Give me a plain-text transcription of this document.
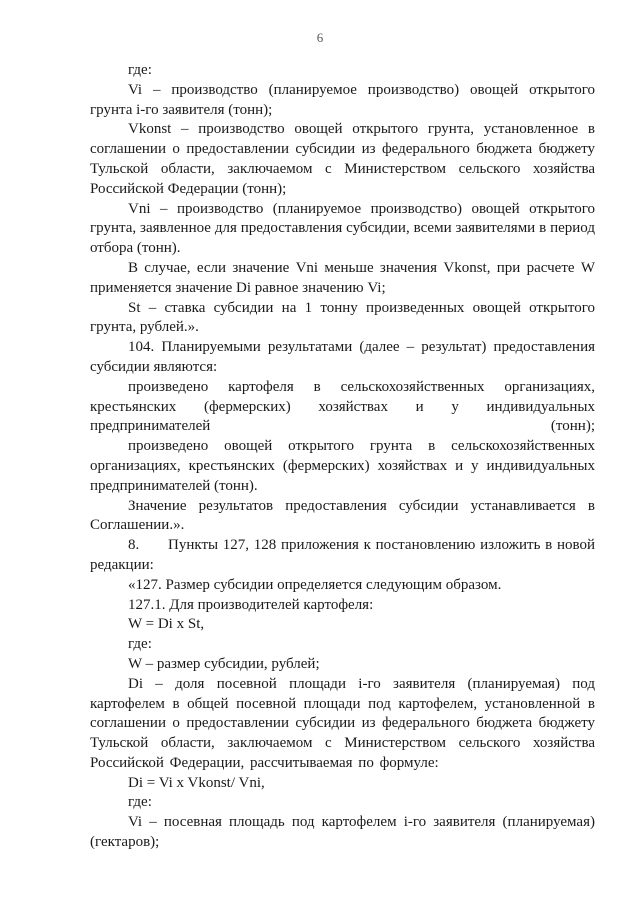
6

где:

Vi – производство (планируемое производство) овощей открытого грунта i-го заявителя (тонн);

Vkonst – производство овощей открытого грунта, установленное в соглашении о предоставлении субсидии из федерального бюджета бюджету Тульской области, заключаемом с Министерством сельского хозяйства Российской Федерации (тонн);

Vni – производство (планируемое производство) овощей открытого грунта, заявленное для предоставления субсидии, всеми заявителями в период отбора (тонн).

В случае, если значение Vni меньше значения Vkonst, при расчете W применяется значение Di равное значению Vi;

St – ставка субсидии на 1 тонну произведенных овощей открытого грунта, рублей.».

104. Планируемыми результатами (далее – результат) предоставления субсидии являются:

произведено картофеля в сельскохозяйственных организациях, крестьянских (фермерских) хозяйствах и у индивидуальных предпринимателей (тонн);

произведено овощей открытого грунта в сельскохозяйственных организациях, крестьянских (фермерских) хозяйствах и у индивидуальных предпринимателей (тонн).

Значение результатов предоставления субсидии устанавливается в Соглашении.».

8. Пункты 127, 128 приложения к постановлению изложить в новой редакции:

«127. Размер субсидии определяется следующим образом.

127.1. Для производителей картофеля:

W = Di x St,

где:

W – размер субсидии, рублей;

Di – доля посевной площади i-го заявителя (планируемая) под картофелем в общей посевной площади под картофелем, установленной в соглашении о предоставлении субсидии из федерального бюджета бюджету Тульской области, заключаемом с Министерством сельского хозяйства Российской Федерации, рассчитываемая по формуле:

Di = Vi x Vkonst/ Vni,

где:

Vi – посевная площадь под картофелем i-го заявителя (планируемая) (гектаров);
